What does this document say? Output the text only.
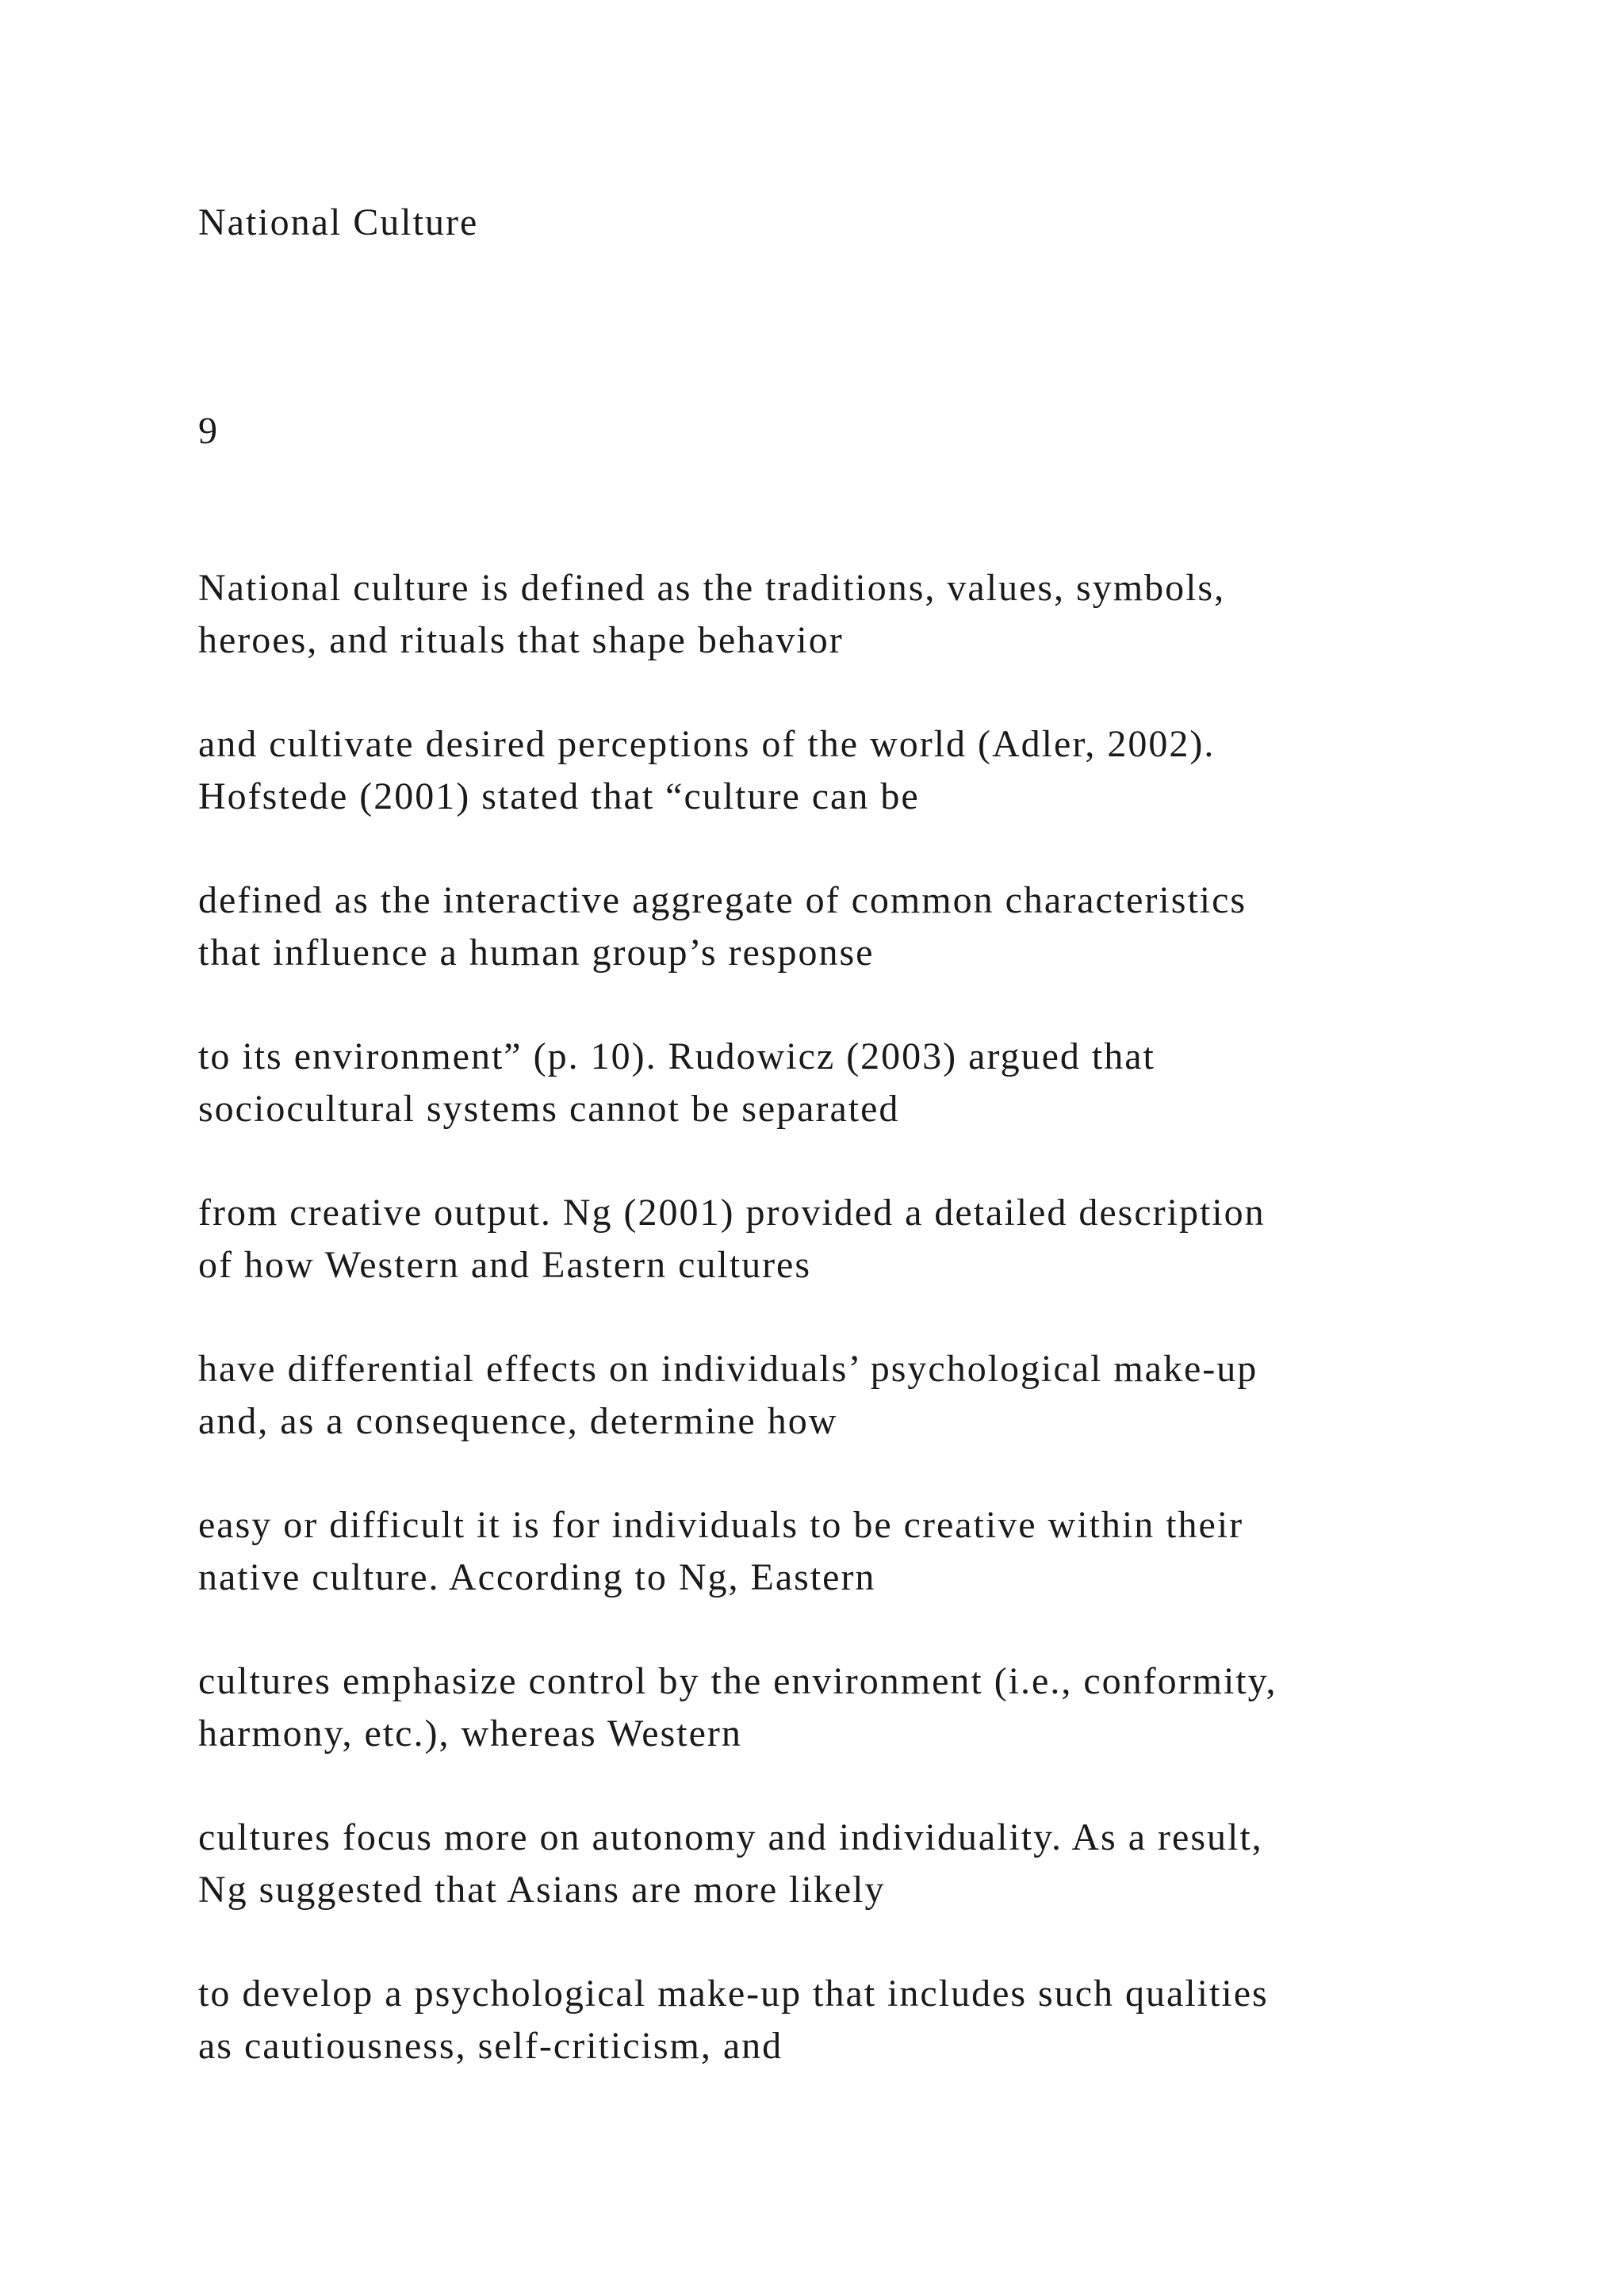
National Culture
9
National culture is defined as the traditions, values, symbols,
heroes, and rituals that shape behavior
and cultivate desired perceptions of the world (Adler, 2002).
Hofstede (2001) stated that “culture can be
defined as the interactive aggregate of common characteristics
that influence a human group’s response
to its environment” (p. 10). Rudowicz (2003) argued that
sociocultural systems cannot be separated
from creative output. Ng (2001) provided a detailed description
of how Western and Eastern cultures
have differential effects on individuals’ psychological make-up
and, as a consequence, determine how
easy or difficult it is for individuals to be creative within their
native culture. According to Ng, Eastern
cultures emphasize control by the environment (i.e., conformity,
harmony, etc.), whereas Western
cultures focus more on autonomy and individuality. As a result,
Ng suggested that Asians are more likely
to develop a psychological make-up that includes such qualities
as cautiousness, self-criticism, and
